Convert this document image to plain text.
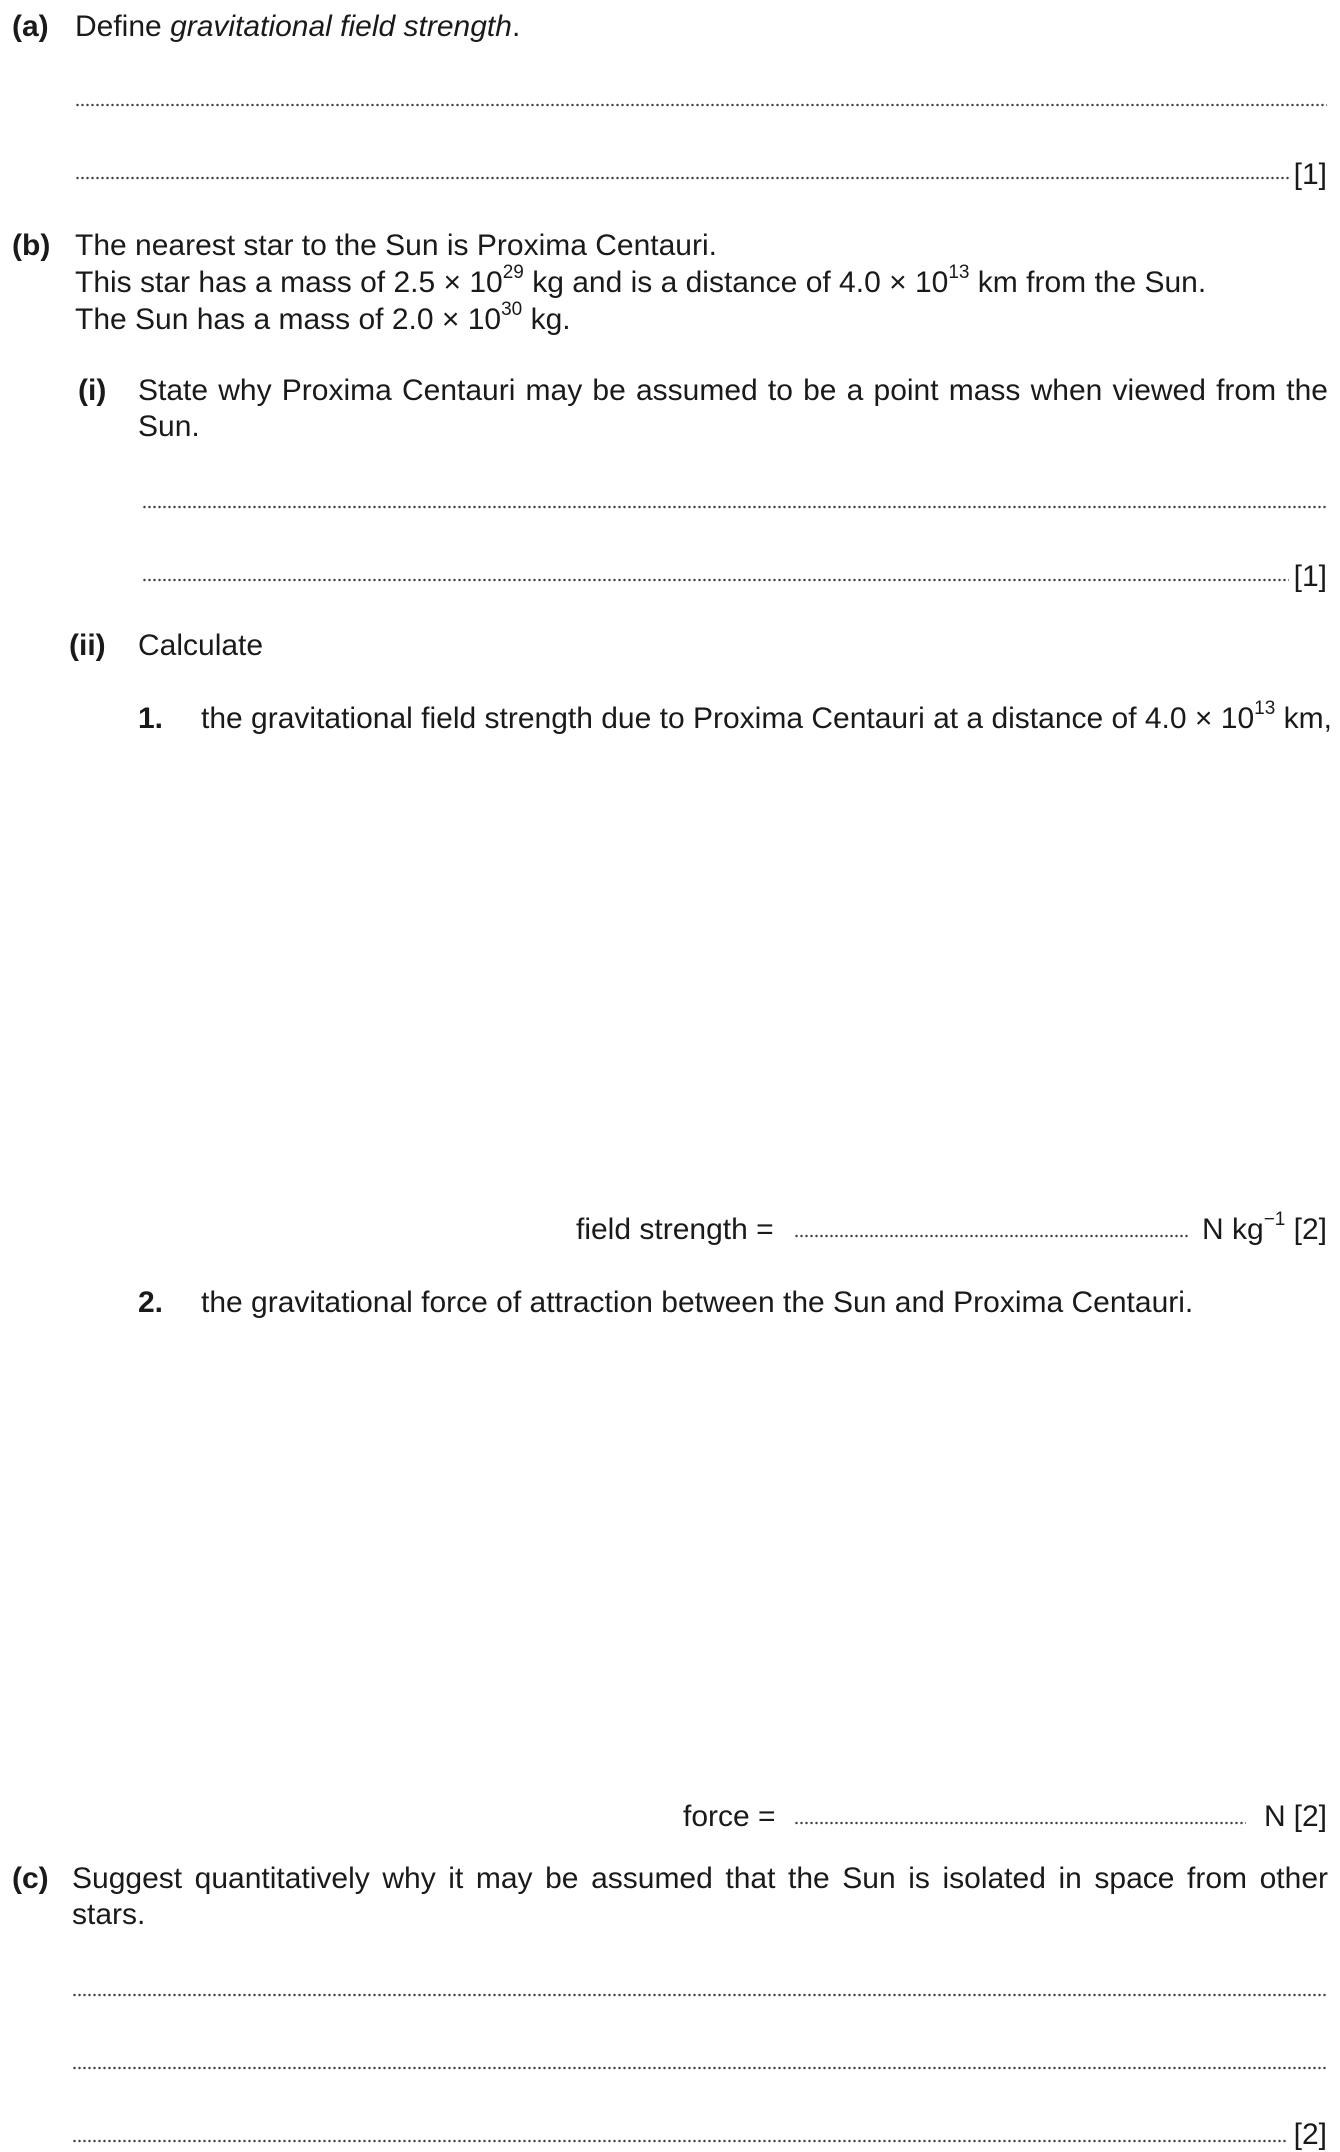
(a) Define gravitational field strength.
[1]
(b) The nearest star to the Sun is Proxima Centauri.
This star has a mass of $2.5 \times 10^{29}$ kg and is a distance of $4.0 \times 10^{13}$ km from the Sun.
The Sun has a mass of $2.0 \times 10^{30}$ kg.
(i) State why Proxima Centauri may be assumed to be a point mass when viewed from the
Sun.
[1]
(ii) Calculate
1. the gravitational field strength due to Proxima Centauri at a distance of $4.0 \times 10^{13}$ km,
field strength =	N $kg^{-1}$ [2]
2. the gravitational force of attraction between the Sun and Proxima Centauri.
force =	N [2]
(c) Suggest quantitatively why it may be assumed that the Sun is isolated in space from other
stars.
[2]
